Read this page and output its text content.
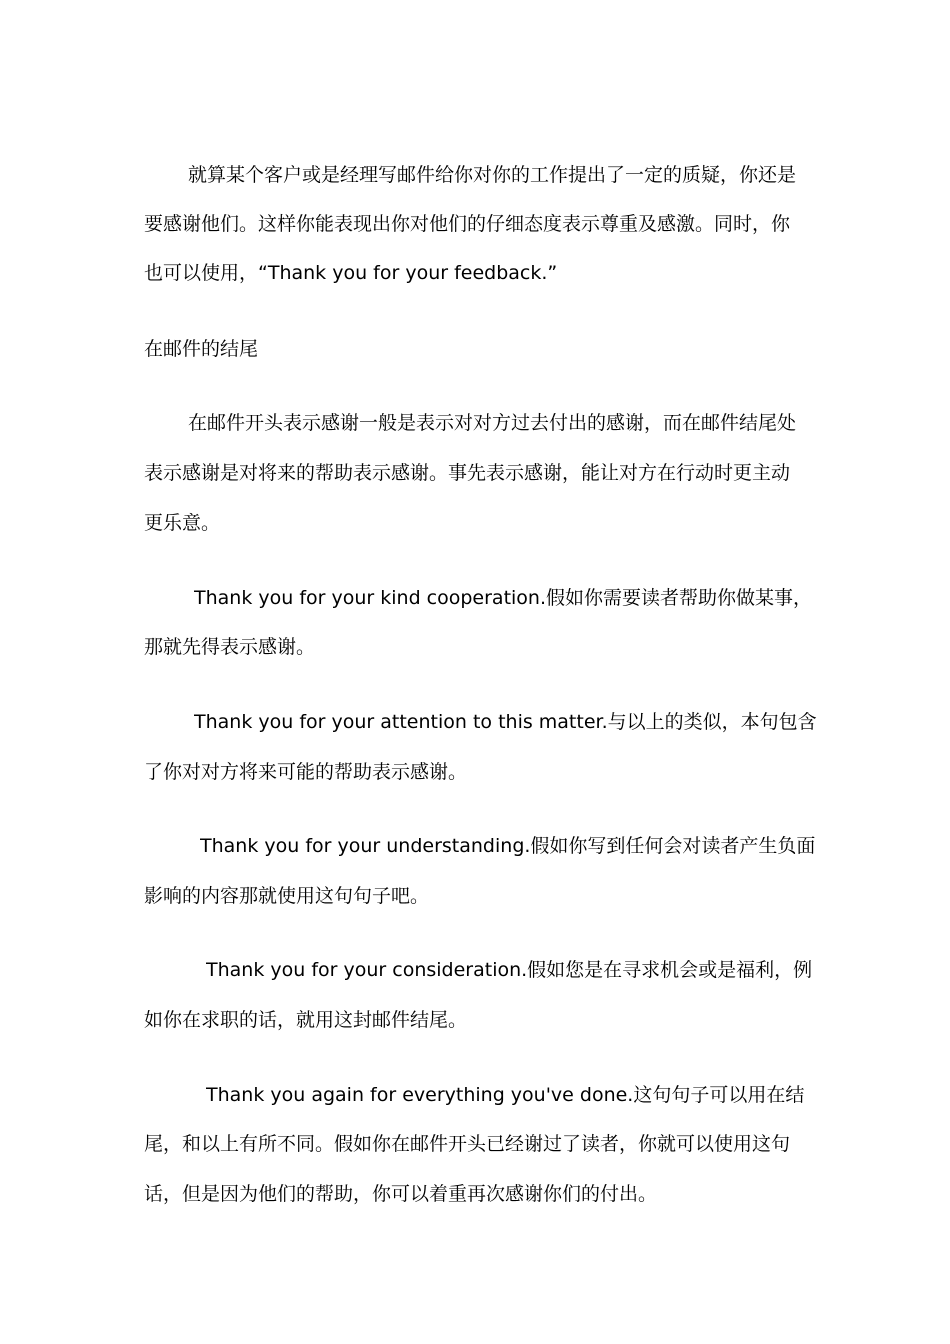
就算某个客户或是经理写邮件给你对你的工作提出了一定的质疑，你还是
要感谢他们。这样你能表现出你对他们的仔细态度表示尊重及感激。同时，你
也可以使用，“Thank you for your feedback.”
在邮件的结尾
在邮件开头表示感谢一般是表示对对方过去付出的感谢，而在邮件结尾处
表示感谢是对将来的帮助表示感谢。事先表示感谢，能让对方在行动时更主动
更乐意。
Thank you for your kind cooperation.假如你需要读者帮助你做某事，
那就先得表示感谢。
Thank you for your attention to this matter.与以上的类似，本句包含
了你对对方将来可能的帮助表示感谢。
Thank you for your understanding.假如你写到任何会对读者产生负面
影响的内容那就使用这句句子吧。
Thank you for your consideration.假如您是在寻求机会或是福利，例
如你在求职的话，就用这封邮件结尾。
Thank you again for everything you've done.这句句子可以用在结
尾，和以上有所不同。假如你在邮件开头已经谢过了读者，你就可以使用这句
话，但是因为他们的帮助，你可以着重再次感谢你们的付出。
